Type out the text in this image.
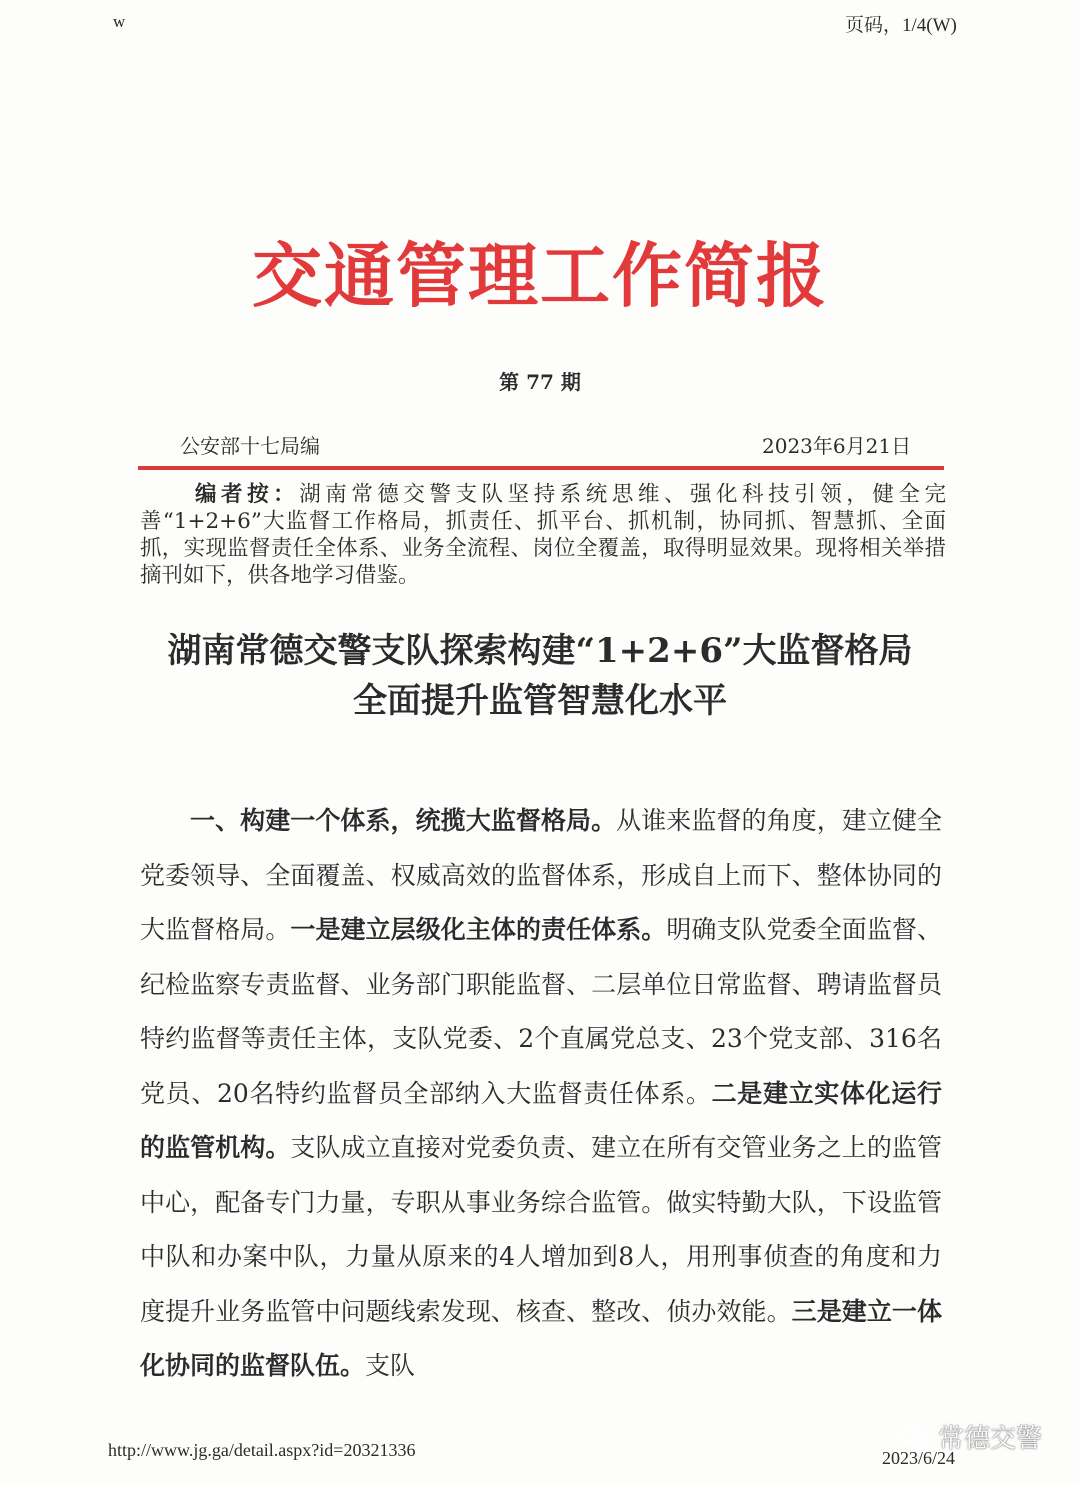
w	页码，1/4(W)
交通管理工作简报
第 77 期
公安部十七局编	2023年6月21日
编者按：湖南常德交警支队坚持系统思维、强化科技引领，健全完善“1+2+6”大监督工作格局，抓责任、抓平台、抓机制，协同抓、智慧抓、全面抓，实现监督责任全体系、业务全流程、岗位全覆盖，取得明显效果。现将相关举措摘刊如下，供各地学习借鉴。
湖南常德交警支队探索构建“1+2+6”大监督格局
全面提升监管智慧化水平
一、构建一个体系，统揽大监督格局。从谁来监督的角度，建立健全党委领导、全面覆盖、权威高效的监督体系，形成自上而下、整体协同的大监督格局。一是建立层级化主体的责任体系。明确支队党委全面监督、纪检监察专责监督、业务部门职能监督、二层单位日常监督、聘请监督员特约监督等责任主体，支队党委、2个直属党总支、23个党支部、316名党员、20名特约监督员全部纳入大监督责任体系。二是建立实体化运行的监管机构。支队成立直接对党委负责、建立在所有交管业务之上的监管中心，配备专门力量，专职从事业务综合监管。做实特勤大队，下设监管中队和办案中队，力量从原来的4人增加到8人，用刑事侦查的角度和力度提升业务监管中问题线索发现、核查、整改、侦办效能。三是建立一体化协同的监督队伍。支队
http://www.jg.ga/detail.aspx?id=20321336	2023/6/24
常德交警
